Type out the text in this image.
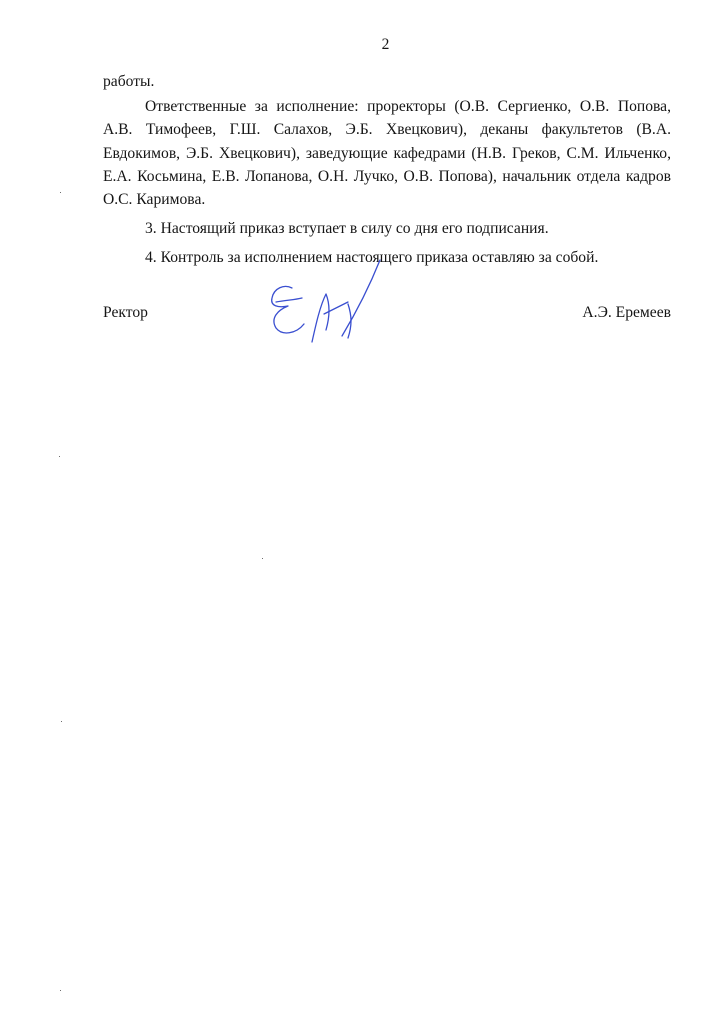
2

работы.

Ответственные за исполнение: проректоры (О.В. Сергиенко, О.В. Попова, А.В. Тимофеев, Г.Ш. Салахов, Э.Б. Хвецкович), деканы факультетов (В.А. Евдокимов, Э.Б. Хвецкович), заведующие кафедрами (Н.В. Греков, С.М. Ильченко, Е.А. Косьмина, Е.В. Лопанова, О.Н. Лучко, О.В. Попова), начальник отдела кадров О.С. Каримова.

3. Настоящий приказ вступает в силу со дня его подписания.

4. Контроль за исполнением настоящего приказа оставляю за собой.

Ректор	А.Э. Еремеев
